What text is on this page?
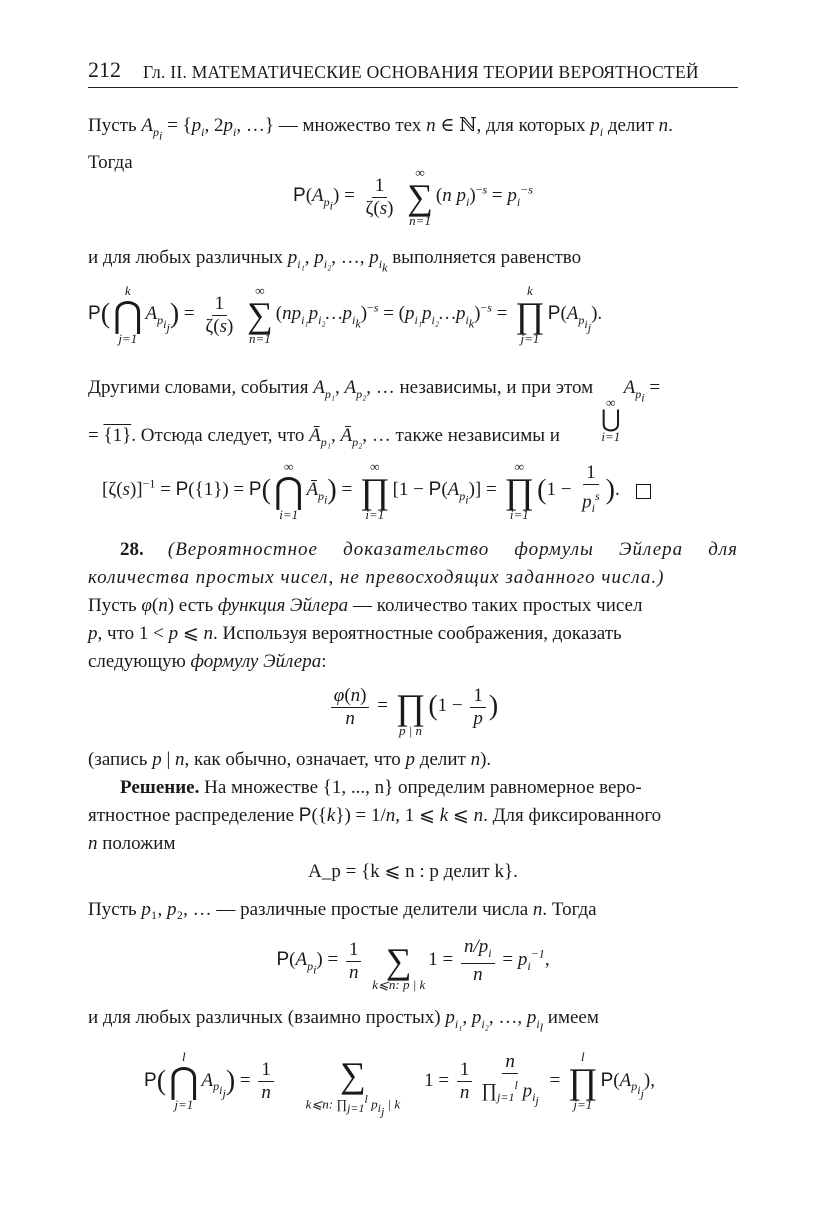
212 Гл. II. МАТЕМАТИЧЕСКИЕ ОСНОВАНИЯ ТЕОРИИ ВЕРОЯТНОСТЕЙ

Пусть $A_{p_i} = \{p_i$, $2p_i$, …} — множество тех n ∈ ℕ, для которых $p_i$ делит n.

Тогда

$P(A_{p_i}) = \frac{1}{\zeta(s)}$

∞
∑
n=1
(n $p_i)^{-s} = p_i^{-s}$

и для любых различных $p_{i_1}$, $p_{i_2}$, …, $p_{i_k}$ выполняется равенство

P(
k
⋂
j=1
$A_{p_{i_j}}) = \frac{1}{\zeta(s)}$

∞
∑
n=1
$(np_{i_1}p_{i_2}\dots p_{i_k})^{-s}$ = $(p_{i_1}p_{i_2}\dots p_{i_k})^{-s}$ =
k
∏
j=1
$P(A_{p_{i_j}})$.

Другими словами, события $A_{p_1}$, $A_{p_2}$, … независимы, и при этом
∞
⋃
i=1
$A_{p_i}$ =

= {1}. Отсюда следует, что $Ā_{p_1}$, $Ā_{p_2}$, … также независимы и

$[\zeta(s)]^{-1} = P(\{1\}) = P$(
∞
⋂
i=1
$Ā_{p_i}$) =
∞
∏
i=1
$[1 - P(A_{p_i})]$ =
∞
∏
i=1
($1 - \frac{1}{p_i^s}$ ).

28. (Вероятностное доказательство формулы Эйлера для количества простых чисел, не превосходящих заданного числа.)

Пусть φ(n) есть функция Эйлера — количество таких простых чисел

p, что 1 < p ⩽ n. Используя вероятностные соображения, доказать

следующую формулу Эйлера:

$\frac{\varphi(n)}{n}$ =
∏
p | n
($1 - \frac{1}{p}$ )

(запись p | n, как обычно, означает, что p делит n).

Решение. На множестве {1, ..., n} определим равномерное веро-

ятностное распределение P({k}) = 1/n, 1 ⩽ k ⩽ n. Для фиксированного

n положим

A_p = {k ⩽ n : p делит k}.

Пусть p₁, p₂, … — различные простые делители числа n. Тогда

$P(A_{p_i}) = \frac{1}{n}$

∑
k⩽n: p | k
$1 = \frac{n/p_i}{n} = p_i^{-1}$,

и для любых различных (взаимно простых) $p_{i_1}$, $p_{i_2}$, …, $p_{i_l}$ имеем

P(
l
⋂
j=1
$A_{p_{i_j}}) = \frac{1}{n}$

∑
k⩽n: $\prod_{j=1}^l$ $p_{i_j}$ | k
$1 = \frac{1}{n} \frac{n}{\prod_{j=1}^l p_{i_j}}$ =
l
∏
j=1
$P(A_{p_{i_j}})$,
